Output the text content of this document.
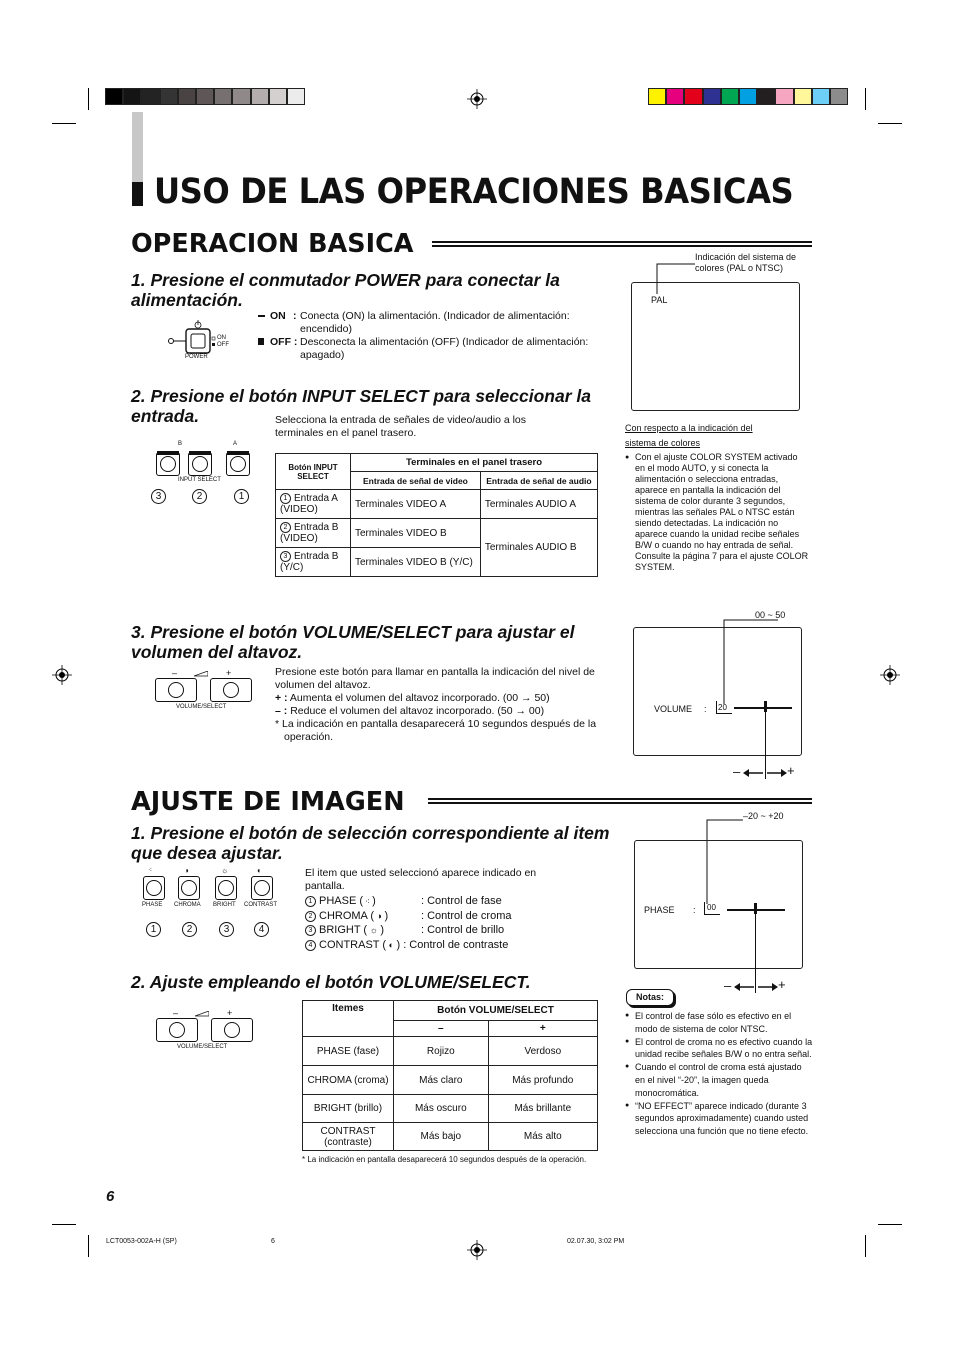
USO DE LAS OPERACIONES BASICAS
OPERACION BASICA
1. Presione el conmutador POWER para conectar la alimentación.
ON
OFF
POWER
ON : Conecta (ON) la alimentación. (Indicador de alimentación: encendido)
OFF : Desconecta la alimentación (OFF) (Indicador de alimentación: apagado)
2. Presione el botón INPUT SELECT para seleccionar la entrada.	Selecciona la entrada de señales de video/audio a los terminales en el panel trasero.
B	A
INPUT SELECT
3	2	1
Botón INPUT SELECT	Terminales en el panel trasero	
	Entrada de señal de video	Entrada de señal de audio
1 Entrada A (VIDEO)	Terminales VIDEO A	Terminales AUDIO A
2 Entrada B (VIDEO)	Terminales VIDEO B	Terminales AUDIO B
3 Entrada B (Y/C)	Terminales VIDEO B (Y/C)	
3. Presione el botón VOLUME/SELECT para ajustar el volumen del altavoz.
–	+
VOLUME/SELECT
Presione este botón para llamar en pantalla la indicación del nivel de volumen del altavoz.
+ : Aumenta el volumen del altavoz incorporado. (00 → 50)
– : Reduce el volumen del altavoz incorporado. (50 → 00)
* La indicación en pantalla desaparecerá 10 segundos después de la operación.
Indicación del sistema de colores (PAL o NTSC)
PAL
Con respecto a la indicación del sistema de colores
● Con el ajuste COLOR SYSTEM activado en el modo AUTO, y si conecta la alimentación o selecciona entradas, aparece en pantalla la indicación del sistema de color durante 3 segundos, mientras las señales PAL o NTSC están siendo detectadas. La indicación no aparece cuando la unidad recibe señales B/W o cuando no hay entrada de señal. Consulte la página 7 para el ajuste COLOR SYSTEM.
00 ~ 50
VOLUME : 20
–	+
AJUSTE DE IMAGEN
1. Presione el botón de selección correspondiente al item que desea ajustar.
El item que usted seleccionó aparece indicado en pantalla.
⁖	◑	☼	◐
PHASE CHROMA BRIGHT CONTRAST
1	2	3	4
1 PHASE ( ⁖ )	: Control de fase
2 CHROMA ( ◑ )	: Control de croma
3 BRIGHT ( ☼ )	: Control de brillo
4 CONTRAST ( ◐ ) : Control de contraste
2. Ajuste empleando el botón VOLUME/SELECT.
–	+
VOLUME/SELECT
Itemes	Botón VOLUME/SELECT	
	–	+
PHASE (fase)	Rojizo	Verdoso
CHROMA (croma)	Más claro	Más profundo
BRIGHT (brillo)	Más oscuro	Más brillante
CONTRAST (contraste)	Más bajo	Más alto
* La indicación en pantalla desaparecerá 10 segundos después de la operación.
–20 ~ +20
PHASE : 00
–	+
Notas:
● El control de fase sólo es efectivo en el modo de sistema de color NTSC.
● El control de croma no es efectivo cuando la unidad recibe señales B/W o no entra señal.
● Cuando el control de croma está ajustado en el nivel “-20”, la imagen queda monocromática.
● “NO EFFECT” aparece indicado (durante 3 segundos aproximadamente) cuando usted selecciona una función que no tiene efecto.
6
LCT0053-002A-H (SP)	6	02.07.30, 3:02 PM
